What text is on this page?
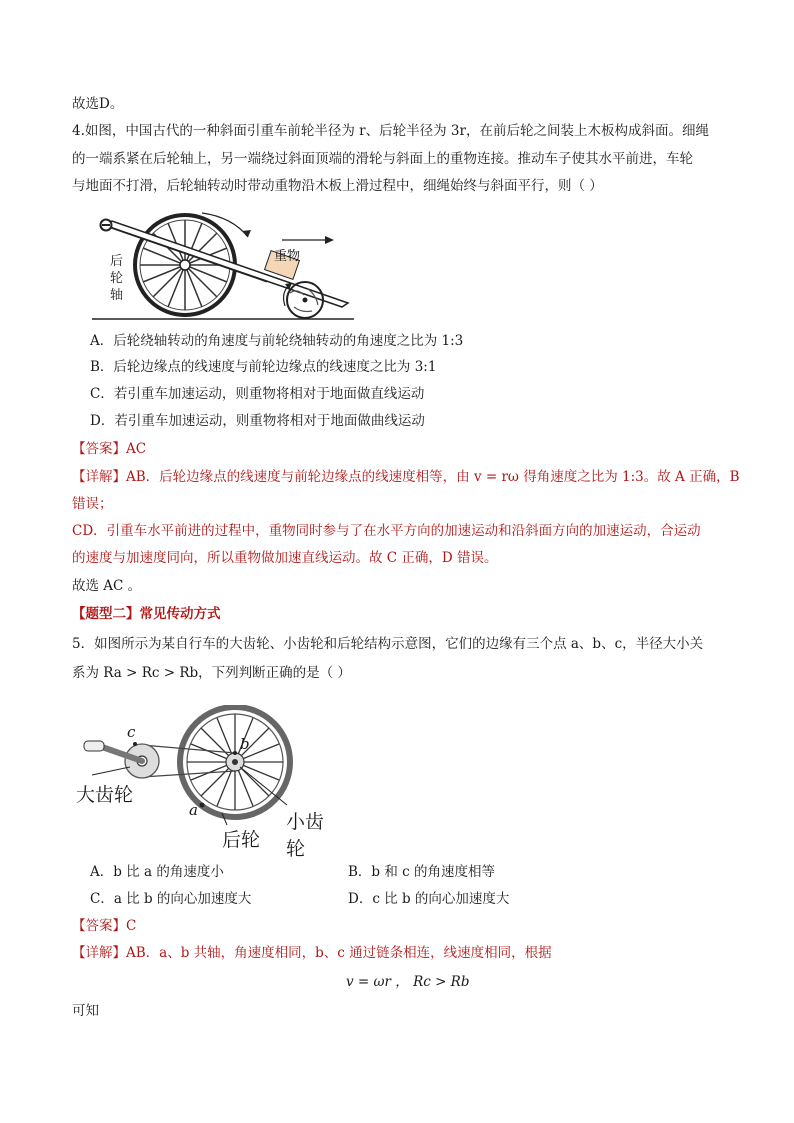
故选D。
4.如图，中国古代的一种斜面引重车前轮半径为 r、后轮半径为 3r，在前后轮之间装上木板构成斜面。细绳
的一端系紧在后轮轴上，另一端绕过斜面顶端的滑轮与斜面上的重物连接。推动车子使其水平前进，车轮
与地面不打滑，后轮轴转动时带动重物沿木板上滑过程中，细绳始终与斜面平行，则（ ）
重物
后
轮
轴
A．后轮绕轴转动的角速度与前轮绕轴转动的角速度之比为 1:3
B．后轮边缘点的线速度与前轮边缘点的线速度之比为 3:1
C．若引重车加速运动，则重物将相对于地面做直线运动
D．若引重车加速运动，则重物将相对于地面做曲线运动
【答案】AC
【详解】AB．后轮边缘点的线速度与前轮边缘点的线速度相等，由 v = rω 得角速度之比为 1:3。故 A 正确，B
错误；
CD．引重车水平前进的过程中，重物同时参与了在水平方向的加速运动和沿斜面方向的加速运动，合运动
的速度与加速度同向，所以重物做加速直线运动。故 C 正确，D 错误。
故选 AC 。
【题型二】常见传动方式
5．如图所示为某自行车的大齿轮、小齿轮和后轮结构示意图，它们的边缘有三个点 a、b、c，半径大小关
系为 Ra > Rc > Rb，下列判断正确的是（ ）
c
b
a
大齿轮
小齿轮
后轮
A．b 比 a 的角速度小	B．b 和 c 的角速度相等
C．a 比 b 的向心加速度大	D．c 比 b 的向心加速度大
【答案】C
【详解】AB．a、b 共轴，角速度相同，b、c 通过链条相连，线速度相同，根据
v = ωr ， Rc > Rb
可知
